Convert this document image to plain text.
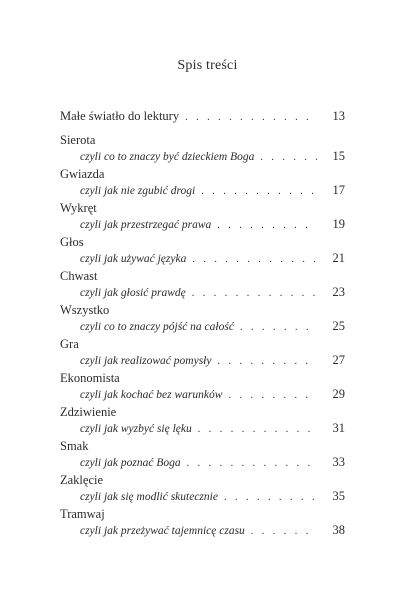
Spis treści
Małe światło do lektury . . .	13
Sierota
czyli co to znaczy być dzieckiem Boga . . .	15
Gwiazda
czyli jak nie zgubić drogi . . .	17
Wykręt
czyli jak przestrzegać prawa . . .	19
Głos
czyli jak używać języka . . .	21
Chwast
czyli jak głosić prawdę . . .	23
Wszystko
czyli co to znaczy pójść na całość . . .	25
Gra
czyli jak realizować pomysły . . .	27
Ekonomista
czyli jak kochać bez warunków . . .	29
Zdziwienie
czyli jak wyzbyć się lęku . . .	31
Smak
czyli jak poznać Boga . . .	33
Zaklęcie
czyli jak się modlić skutecznie . . .	35
Tramwaj
czyli jak przeżywać tajemnicę czasu . . .	38
